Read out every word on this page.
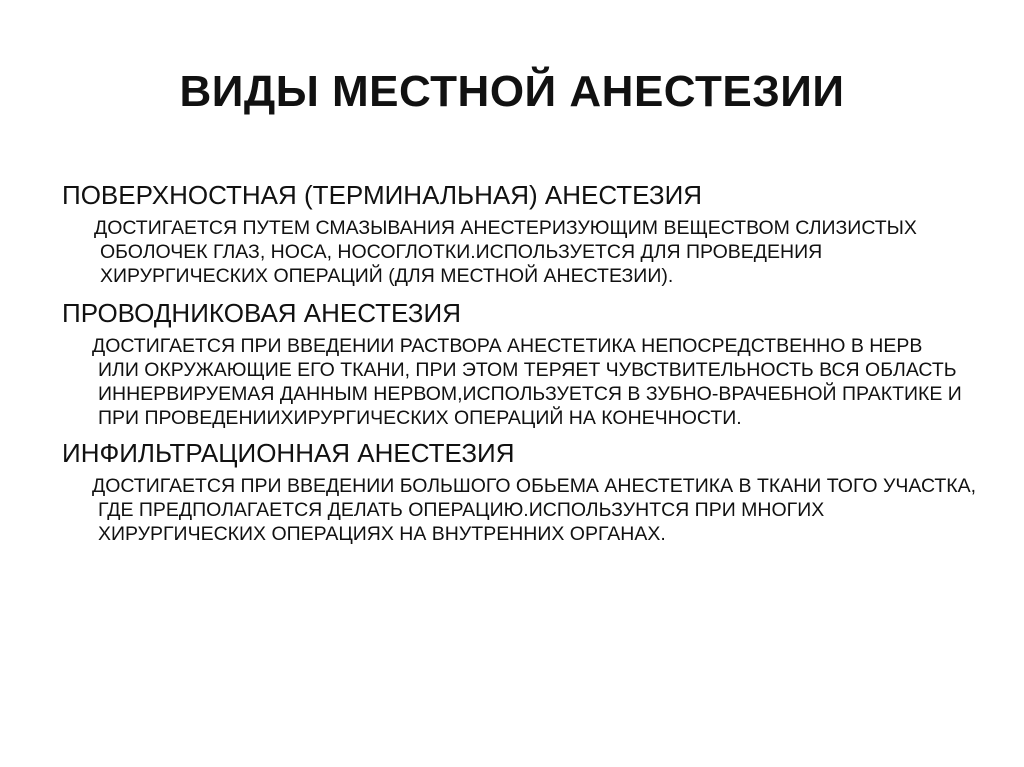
ВИДЫ МЕСТНОЙ АНЕСТЕЗИИ
ПОВЕРХНОСТНАЯ (ТЕРМИНАЛЬНАЯ) АНЕСТЕЗИЯ
ДОСТИГАЕТСЯ ПУТЕМ СМАЗЫВАНИЯ АНЕСТЕРИЗУЮЩИМ ВЕЩЕСТВОМ СЛИЗИСТЫХ ОБОЛОЧЕК ГЛАЗ, НОСА, НОСОГЛОТКИ.ИСПОЛЬЗУЕТСЯ ДЛЯ ПРОВЕДЕНИЯ ХИРУРГИЧЕСКИХ ОПЕРАЦИЙ (ДЛЯ МЕСТНОЙ АНЕСТЕЗИИ).
ПРОВОДНИКОВАЯ АНЕСТЕЗИЯ
ДОСТИГАЕТСЯ ПРИ ВВЕДЕНИИ РАСТВОРА АНЕСТЕТИКА НЕПОСРЕДСТВЕННО В НЕРВ ИЛИ ОКРУЖАЮЩИЕ ЕГО ТКАНИ, ПРИ ЭТОМ ТЕРЯЕТ ЧУВСТВИТЕЛЬНОСТЬ ВСЯ ОБЛАСТЬ ИННЕРВИРУЕМАЯ ДАННЫМ НЕРВОМ,ИСПОЛЬЗУЕТСЯ В ЗУБНО-ВРАЧЕБНОЙ ПРАКТИКЕ И ПРИ ПРОВЕДЕНИИХИРУРГИЧЕСКИХ ОПЕРАЦИЙ НА КОНЕЧНОСТИ.
ИНФИЛЬТРАЦИОННАЯ АНЕСТЕЗИЯ
ДОСТИГАЕТСЯ ПРИ ВВЕДЕНИИ БОЛЬШОГО ОБЬЕМА АНЕСТЕТИКА В ТКАНИ ТОГО УЧАСТКА, ГДЕ ПРЕДПОЛАГАЕТСЯ ДЕЛАТЬ ОПЕРАЦИЮ.ИСПОЛЬЗУНТСЯ ПРИ МНОГИХ ХИРУРГИЧЕСКИХ ОПЕРАЦИЯХ НА ВНУТРЕННИХ ОРГАНАХ.
